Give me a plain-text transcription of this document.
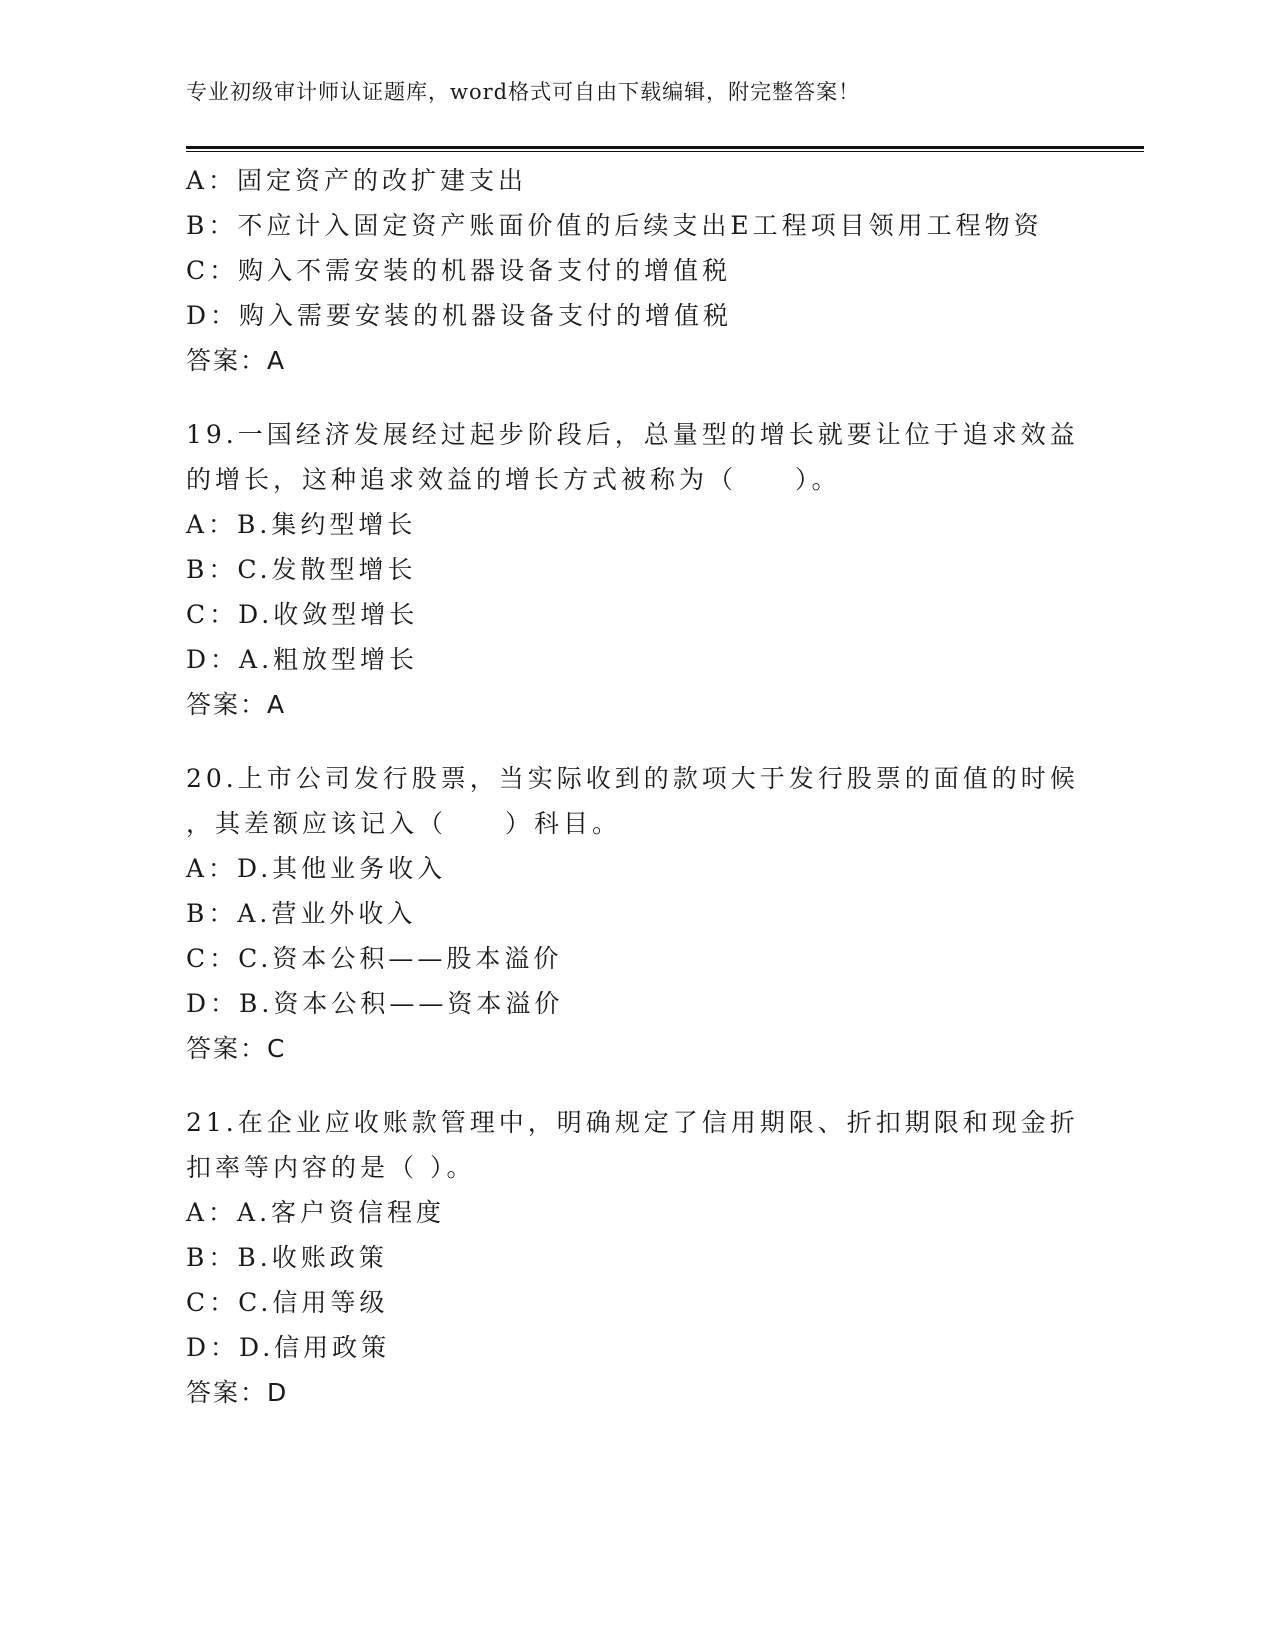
专业初级审计师认证题库，word格式可自由下载编辑，附完整答案！
A：固定资产的改扩建支出
B：不应计入固定资产账面价值的后续支出E工程项目领用工程物资
C：购入不需安装的机器设备支付的增值税
D：购入需要安装的机器设备支付的增值税
答案：A
19.一国经济发展经过起步阶段后，总量型的增长就要让位于追求效益
的增长，这种追求效益的增长方式被称为（　　）。
A：B.集约型增长
B：C.发散型增长
C：D.收敛型增长
D：A.粗放型增长
答案：A
20.上市公司发行股票，当实际收到的款项大于发行股票的面值的时候
，其差额应该记入（　　）科目。
A：D.其他业务收入
B：A.营业外收入
C：C.资本公积——股本溢价
D：B.资本公积——资本溢价
答案：C
21.在企业应收账款管理中，明确规定了信用期限、折扣期限和现金折
扣率等内容的是（ ）。
A：A.客户资信程度
B：B.收账政策
C：C.信用等级
D：D.信用政策
答案：D
